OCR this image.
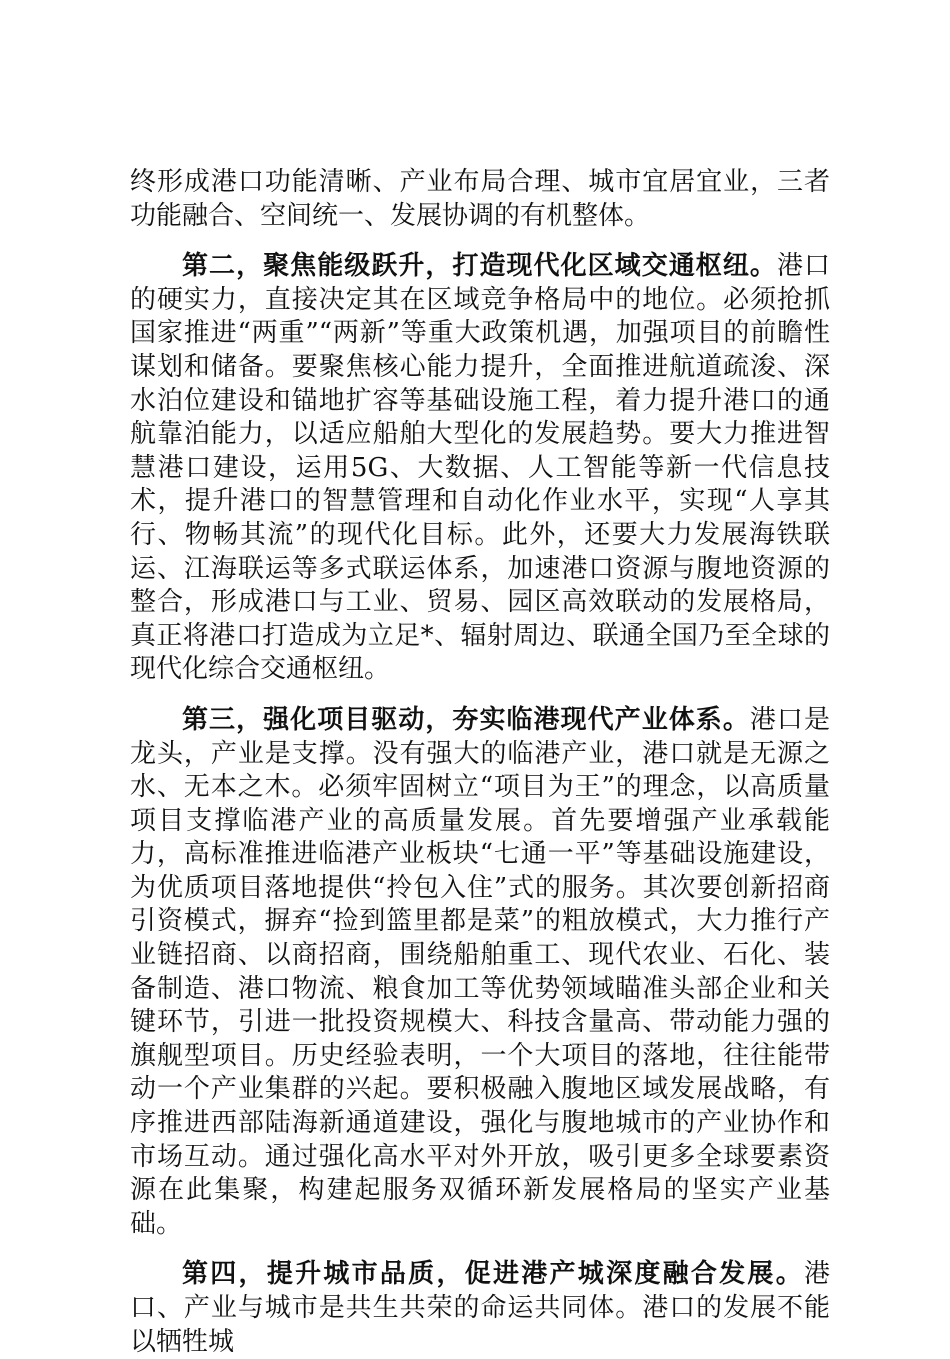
终形成港口功能清晰、产业布局合理、城市宜居宜业，三者功能融合、空间统一、发展协调的有机整体。

第二，聚焦能级跃升，打造现代化区域交通枢纽。港口的硬实力，直接决定其在区域竞争格局中的地位。必须抢抓国家推进“两重”“两新”等重大政策机遇，加强项目的前瞻性谋划和储备。要聚焦核心能力提升，全面推进航道疏浚、深水泊位建设和锚地扩容等基础设施工程，着力提升港口的通航靠泊能力，以适应船舶大型化的发展趋势。要大力推进智慧港口建设，运用5G、大数据、人工智能等新一代信息技术，提升港口的智慧管理和自动化作业水平，实现“人享其行、物畅其流”的现代化目标。此外，还要大力发展海铁联运、江海联运等多式联运体系，加速港口资源与腹地资源的整合，形成港口与工业、贸易、园区高效联动的发展格局，真正将港口打造成为立足*、辐射周边、联通全国乃至全球的现代化综合交通枢纽。

第三，强化项目驱动，夯实临港现代产业体系。港口是龙头，产业是支撑。没有强大的临港产业，港口就是无源之水、无本之木。必须牢固树立“项目为王”的理念，以高质量项目支撑临港产业的高质量发展。首先要增强产业承载能力，高标准推进临港产业板块“七通一平”等基础设施建设，为优质项目落地提供“拎包入住”式的服务。其次要创新招商引资模式，摒弃“捡到篮里都是菜”的粗放模式，大力推行产业链招商、以商招商，围绕船舶重工、现代农业、石化、装备制造、港口物流、粮食加工等优势领域瞄准头部企业和关键环节，引进一批投资规模大、科技含量高、带动能力强的旗舰型项目。历史经验表明，一个大项目的落地，往往能带动一个产业集群的兴起。要积极融入腹地区域发展战略，有序推进西部陆海新通道建设，强化与腹地城市的产业协作和市场互动。通过强化高水平对外开放，吸引更多全球要素资源在此集聚，构建起服务双循环新发展格局的坚实产业基础。

第四，提升城市品质，促进港产城深度融合发展。港口、产业与城市是共生共荣的命运共同体。港口的发展不能以牺牲城
